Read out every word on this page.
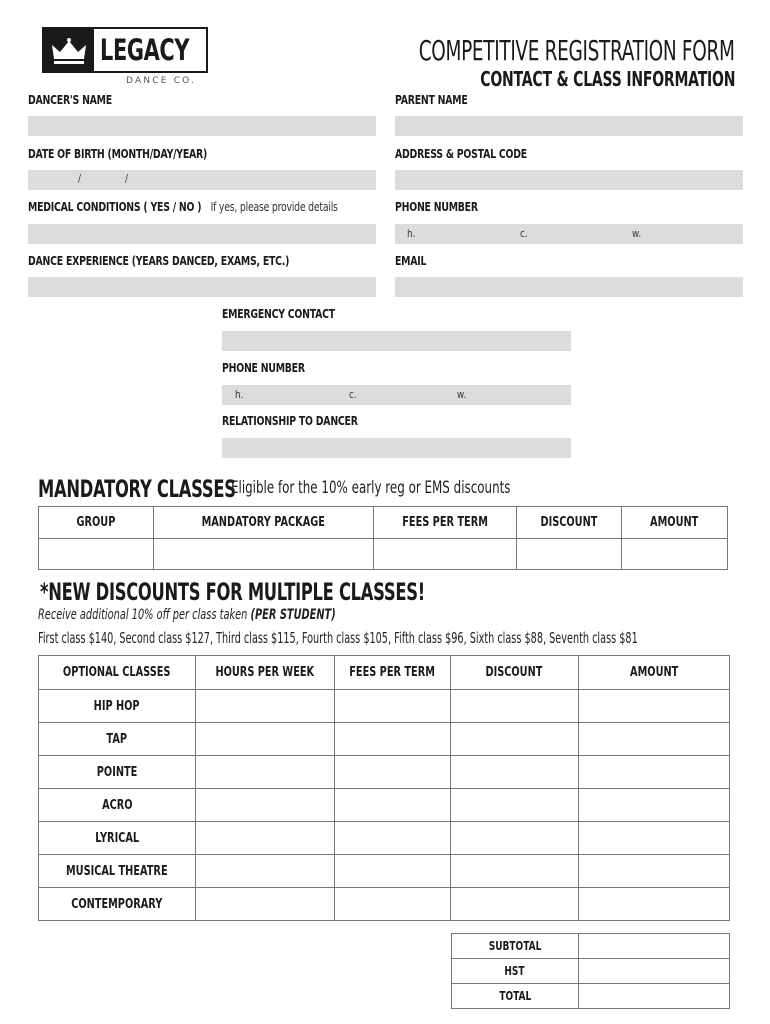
LEGACY
DANCE CO.
COMPETITIVE REGISTRATION FORM
CONTACT & CLASS INFORMATION
DANCER'S NAME
DATE OF BIRTH (MONTH/DAY/YEAR)
/	/
MEDICAL CONDITIONS ( YES / NO ) If yes, please provide details
DANCE EXPERIENCE (YEARS DANCED, EXAMS, ETC.)
PARENT NAME
ADDRESS & POSTAL CODE
PHONE NUMBER
h.	c.	w.
EMAIL
EMERGENCY CONTACT
PHONE NUMBER
h.	c.	w.
RELATIONSHIP TO DANCER
MANDATORY CLASSES
Eligible for the 10% early reg or EMS discounts
GROUP	MANDATORY PACKAGE	FEES PER TERM	DISCOUNT	AMOUNT

*NEW DISCOUNTS FOR MULTIPLE CLASSES!
Receive additional 10% off per class taken (PER STUDENT)
First class $140, Second class $127, Third class $115, Fourth class $105, Fifth class $96, Sixth class $88, Seventh class $81
OPTIONAL CLASSES	HOURS PER WEEK	FEES PER TERM	DISCOUNT	AMOUNT
HIP HOP				
TAP				
POINTE				
ACRO				
LYRICAL				
MUSICAL THEATRE				
CONTEMPORARY				
SUBTOTAL	
HST	
TOTAL	
